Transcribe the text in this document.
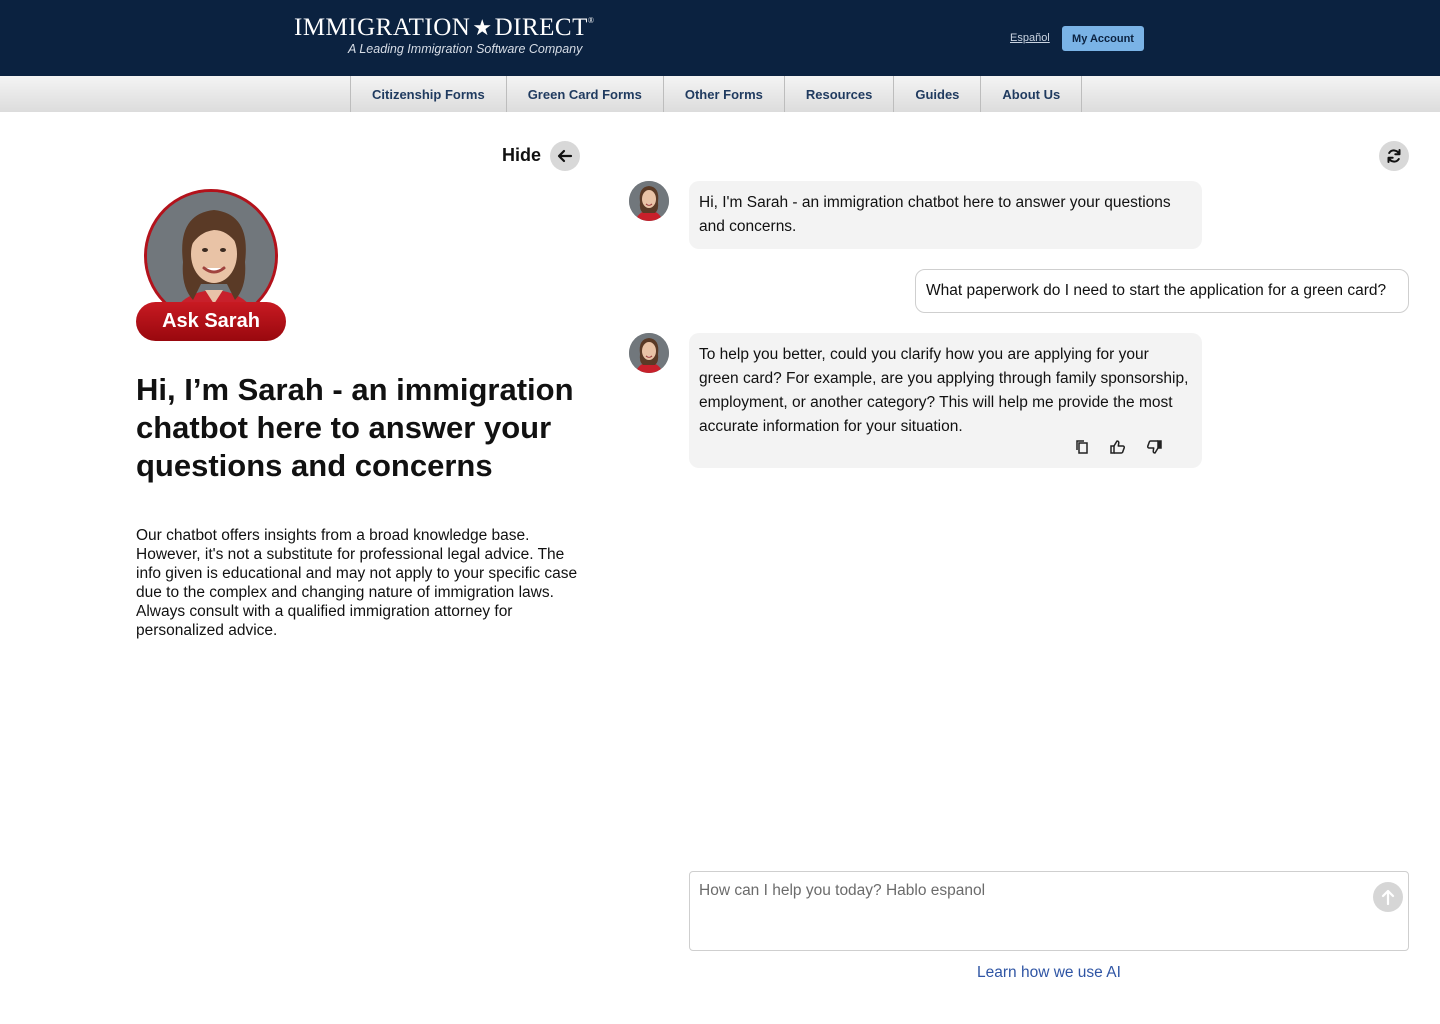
IMMIGRATION★DIRECT®
A Leading Immigration Software Company
Español	My Account
Citizenship Forms	Green Card Forms	Other Forms	Resources	Guides	About Us
Hide
Ask Sarah
Hi, I’m Sarah - an immigration chatbot here to answer your questions and concerns

Our chatbot offers insights from a broad knowledge base. However, it's not a substitute for professional legal advice. The info given is educational and may not apply to your specific case due to the complex and changing nature of immigration laws. Always consult with a qualified immigration attorney for personalized advice.

Hi, I'm Sarah - an immigration chatbot here to answer your questions and concerns.
What paperwork do I need to start the application for a green card?
To help you better, could you clarify how you are applying for your green card? For example, are you applying through family sponsorship, employment, or another category? This will help me provide the most accurate information for your situation.
How can I help you today? Hablo espanol
Learn how we use AI
